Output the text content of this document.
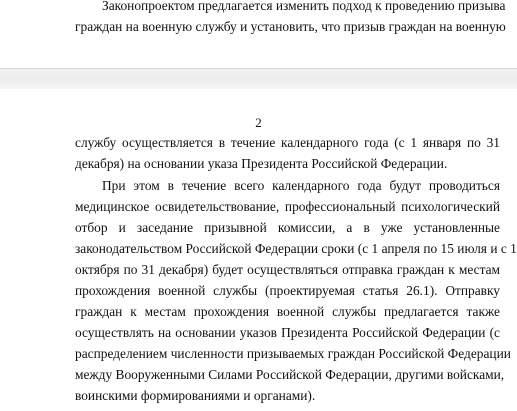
Законопроектом предлагается изменить подход к проведению призыва
граждан на военную службу и установить, что призыв граждан на военную
2
службу осуществляется в течение календарного года (с 1 января по 31
декабря) на основании указа Президента Российской Федерации.
При этом в течение всего календарного года будут проводиться
медицинское освидетельствование, профессиональный психологический
отбор и заседание призывной комиссии, а в уже установленные
законодательством Российской Федерации сроки (с 1 апреля по 15 июля и с 1
октября по 31 декабря) будет осуществляться отправка граждан к местам
прохождения военной службы (проектируемая статья 26.1). Отправку
граждан к местам прохождения военной службы предлагается также
осуществлять на основании указов Президента Российской Федерации (с
распределением численности призываемых граждан Российской Федерации
между Вооруженными Силами Российской Федерации, другими войсками,
воинскими формированиями и органами).
